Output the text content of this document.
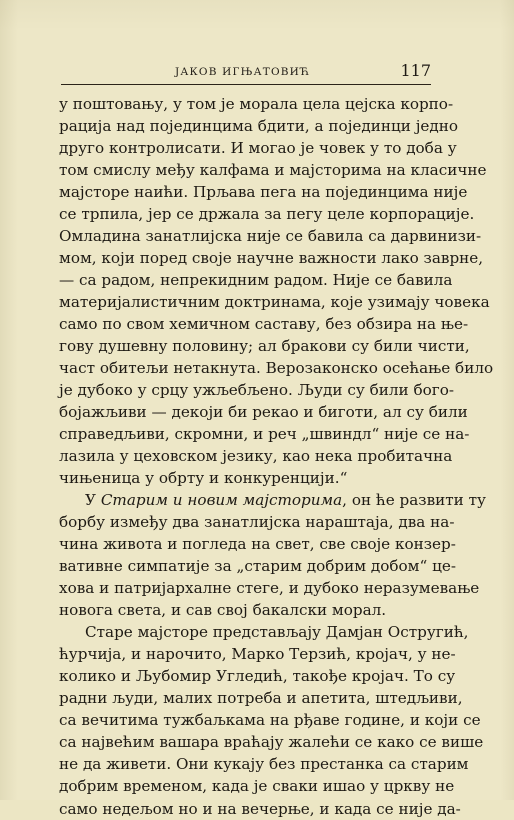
ЈАКОВ ИГЊАТОВИЋ	117
у поштовању, у том је морала цела цејска корпо-
рација над појединцима бдити, а појединци једно
друго контролисати. И могао је човек у то доба у
том смислу међу калфама и мајсторима на класичне
мајсторе наићи. Прљава пега на појединцима није
се трпила, јер се држала за пегу целе корпорације.
Омладина занатлијска није се бавила са дарвинизи-
мом, који поред своје научне важности лако заврне,
— са радом, непрекидним радом. Није се бавила
материјалистичним доктринама, које узимају човека
само по свом хемичном саставу, без обзира на ње-
гову душевну половину; ал бракови су били чисти,
част обитељи нетакнута. Верозаконско осећање било
је дубоко у срцу ужљебљено. Људи су били бого-
бојажљиви — декоји би рекао и биготи, ал су били
справедљиви, скромни, и реч „швиндл“ није се на-
лазила у цеховском језику, као нека пробитачна
чињеница у обрту и конкуренцији.“
У Старим и новим мајсторима, он ће развити ту
борбу између два занатлијска нараштаја, два на-
чина живота и погледа на свет, све своје конзер-
вативне симпатије за „старим добрим добом“ це-
хова и патријархалне стеге, и дубоко неразумевање
новога света, и сав свој бакалски морал.
Старе мајсторе представљају Дамјан Остругић,
ћурчија, и нарочито, Марко Терзић, кројач, у не-
колико и Љубомир Угледић, такође кројач. То су
радни људи, малих потреба и апетита, штедљиви,
са вечитима тужбаљкама на рђаве године, и који се
са највећим вашара враћају жалећи се како се више
не да живети. Они кукају без престанка са старим
добрим временом, када је сваки ишао у цркву не
само недељом но и на вечерње, и када се није да-
